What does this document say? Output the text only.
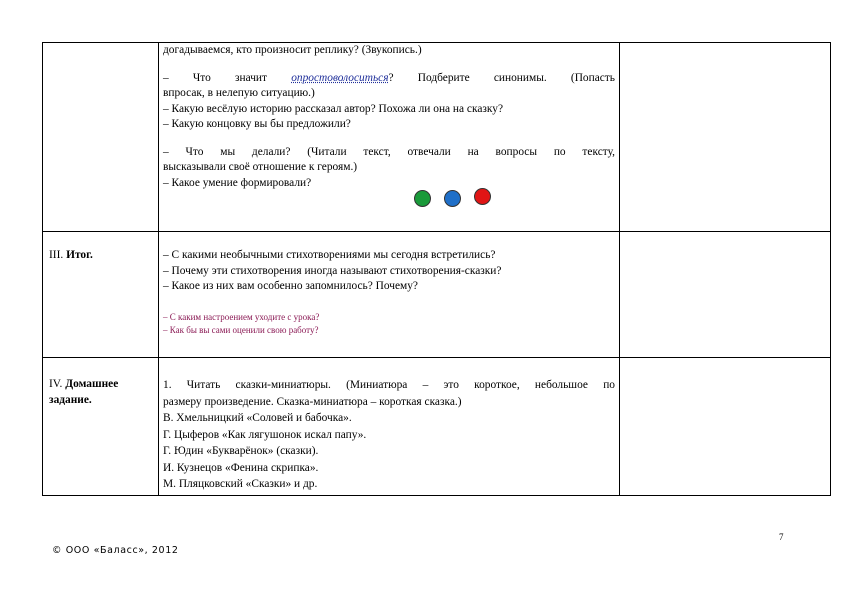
догадываемся, кто произносит реплику? (Звукопись.)

– Что значит опростоволоситься? Подберите синонимы. (Попасть

впросак, в нелепую ситуацию.)

– Какую весёлую историю рассказал автор? Похожа ли она на сказку?

– Какую концовку вы бы предложили?

– Что мы делали? (Читали текст, отвечали на вопросы по тексту,

высказывали своё отношение к героям.)

– Какое умение формировали?

III. Итог.	– С какими необычными стихотворениями мы сегодня встретились?

– Почему эти стихотворения иногда называют стихотворения-сказки?

– Какое из них вам особенно запомнилось? Почему?

– С каким настроением уходите с урока?

– Как бы вы сами оценили свою работу?

IV. Домашнее
задание.

1. Читать сказки-миниатюры. (Миниатюра – это короткое, небольшое по

размеру произведение. Сказка-миниатюра – короткая сказка.)

В. Хмельницкий «Соловей и бабочка».

Г. Цыферов «Как лягушонок искал папу».

Г. Юдин «Букварёнок» (сказки).

И. Кузнецов «Фенина скрипка».

М. Пляцковский «Сказки» и др.

7
© ООО «Баласс», 2012
